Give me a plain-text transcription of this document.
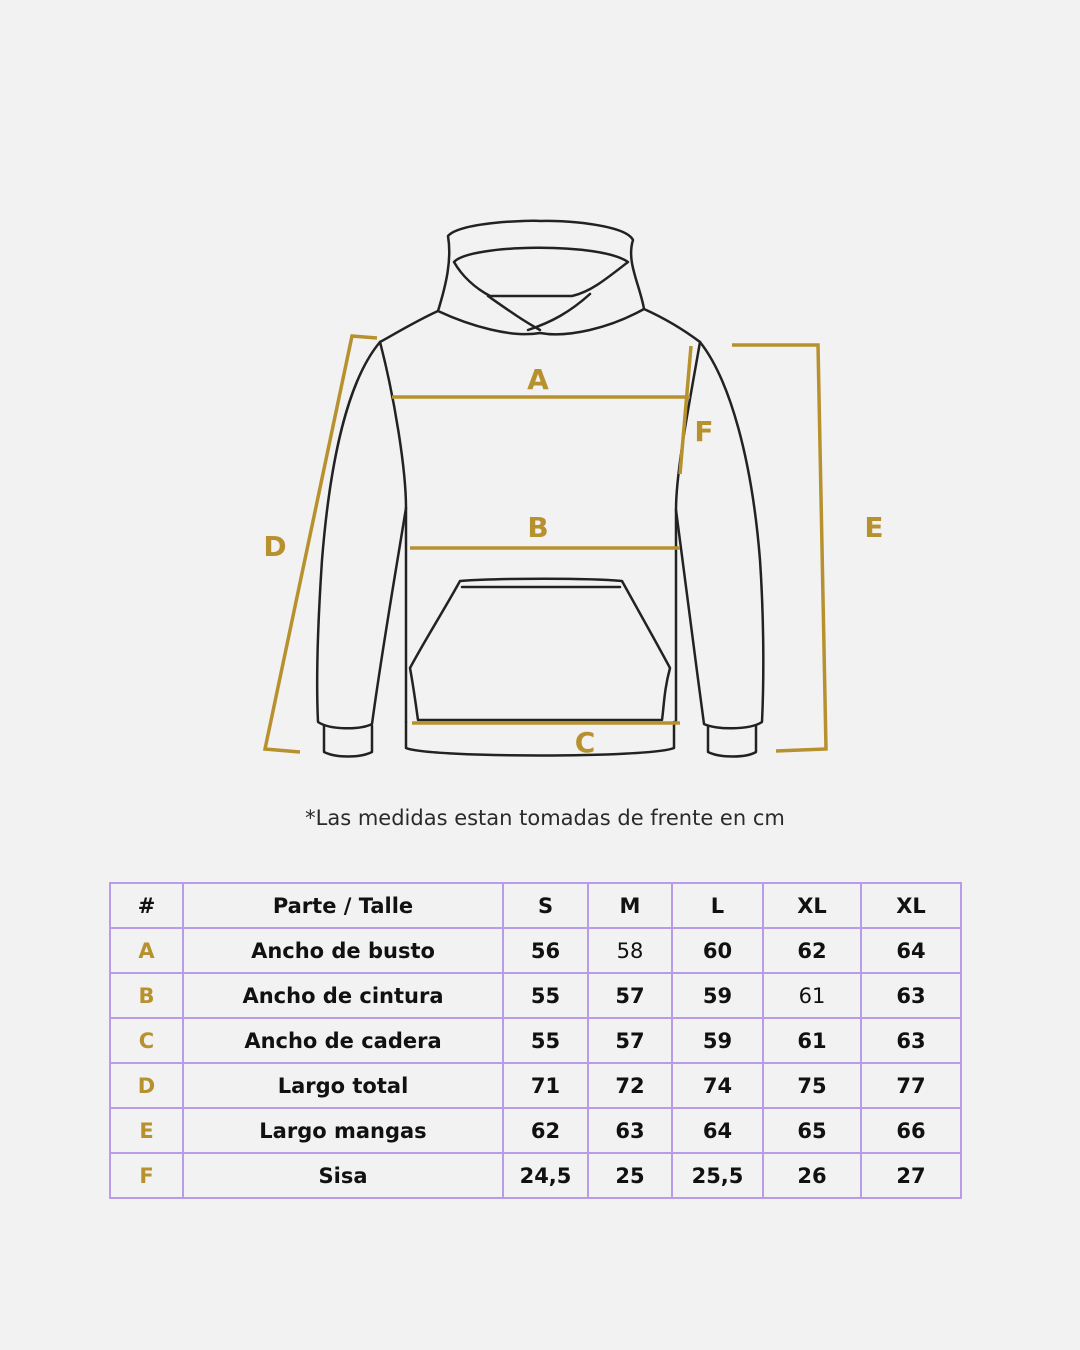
A
B
C
D
E
F
*Las medidas estan tomadas de frente en cm
#	Parte / Talle	S	M	L	XL	XL
A	Ancho de busto	56	58	60	62	64
B	Ancho de cintura	55	57	59	61	63
C	Ancho de cadera	55	57	59	61	63
D	Largo total	71	72	74	75	77
E	Largo mangas	62	63	64	65	66
F	Sisa	24,5	25	25,5	26	27
